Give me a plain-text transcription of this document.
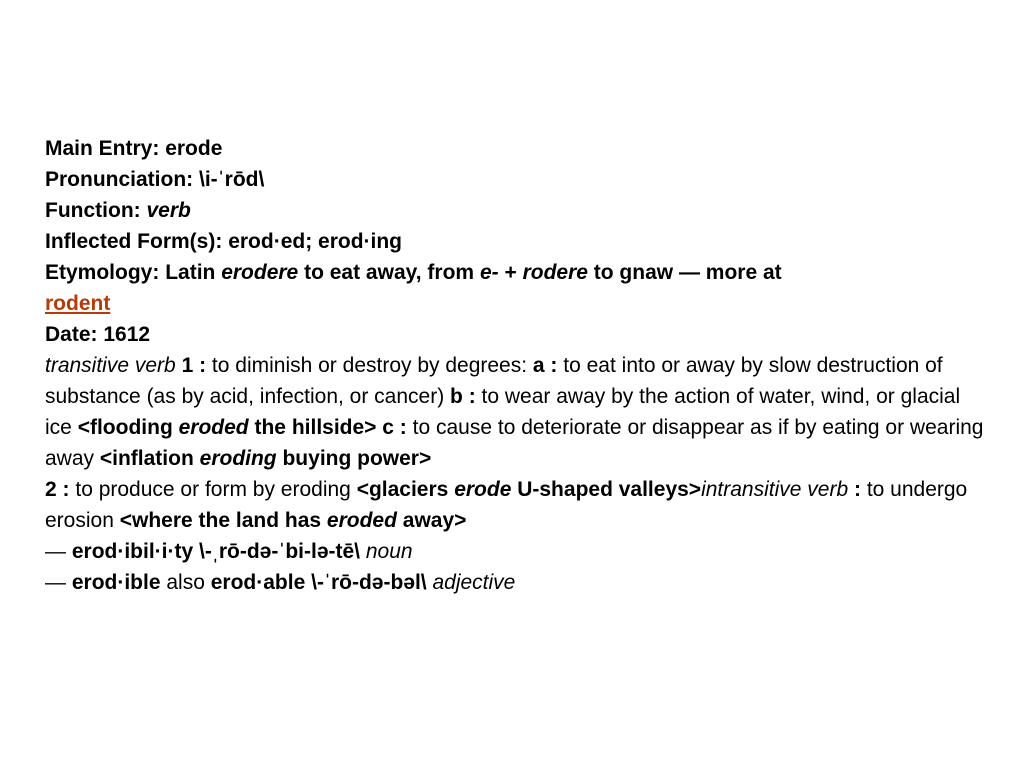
Main Entry: erode
Pronunciation: \i-ˈrōd\
Function: verb
Inflected Form(s): erod·ed; erod·ing
Etymology: Latin erodere to eat away, from e- + rodere to gnaw — more at
rodent
Date: 1612
transitive verb 1 : to diminish or destroy by degrees: a : to eat into or away by slow destruction of substance (as by acid, infection, or cancer) b : to wear away by the action of water, wind, or glacial ice <flooding eroded the hillside> c : to cause to deteriorate or disappear as if by eating or wearing away <inflation eroding buying power>
2 : to produce or form by eroding <glaciers erode U-shaped valleys>intransitive verb : to undergo erosion <where the land has eroded away>
— erod·ibil·i·ty \-ˌrō-də-ˈbi-lə-tē\ noun
— erod·ible also erod·able \-ˈrō-də-bəl\ adjective
